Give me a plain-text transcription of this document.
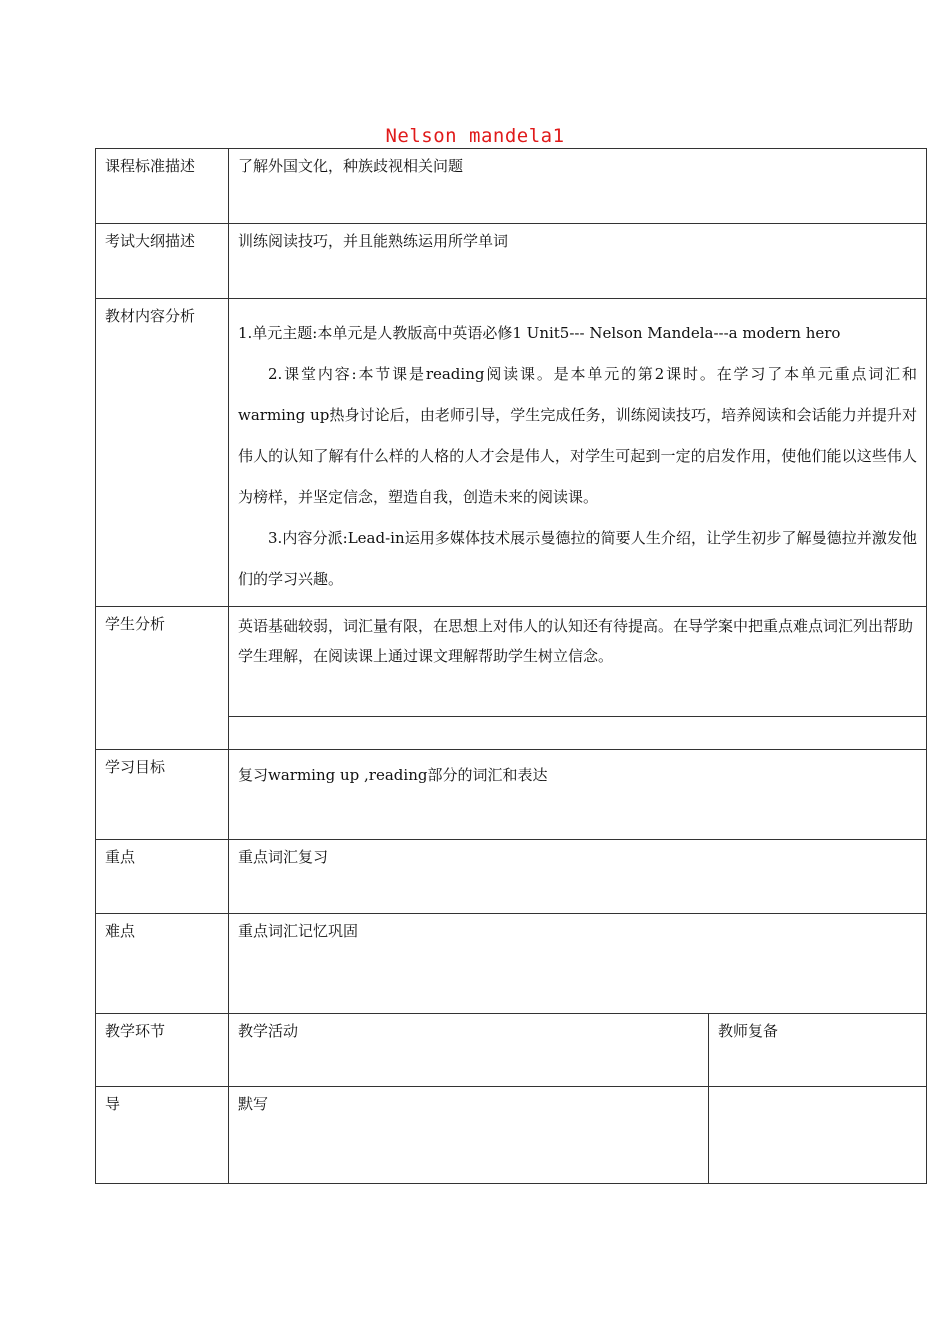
Nelson mandela1
课程标准描述	了解外国文化，种族歧视相关问题	
考试大纲描述	训练阅读技巧，并且能熟练运用所学单词	
教材内容分析	1.单元主题:本单元是人教版高中英语必修1 Unit5--- Nelson Mandela---a modern hero

2.课堂内容:本节课是reading阅读课。是本单元的第2课时。在学习了本单元重点词汇和warming up热身讨论后，由老师引导，学生完成任务，训练阅读技巧，培养阅读和会话能力并提升对伟人的认知了解有什么样的人格的人才会是伟人，对学生可起到一定的启发作用，使他们能以这些伟人为榜样，并坚定信念，塑造自我，创造未来的阅读课。

3.内容分派:Lead-in运用多媒体技术展示曼德拉的简要人生介绍，让学生初步了解曼德拉并激发他们的学习兴趣。	

学生分析	英语基础较弱，词汇量有限，在思想上对伟人的认知还有待提高。在导学案中把重点难点词汇列出帮助学生理解，在阅读课上通过课文理解帮助学生树立信念。	

学习目标	复习warming up ,reading部分的词汇和表达	
重点	重点词汇复习	
难点	重点词汇记忆巩固	
教学环节	教学活动	教师复备
导	默写	
